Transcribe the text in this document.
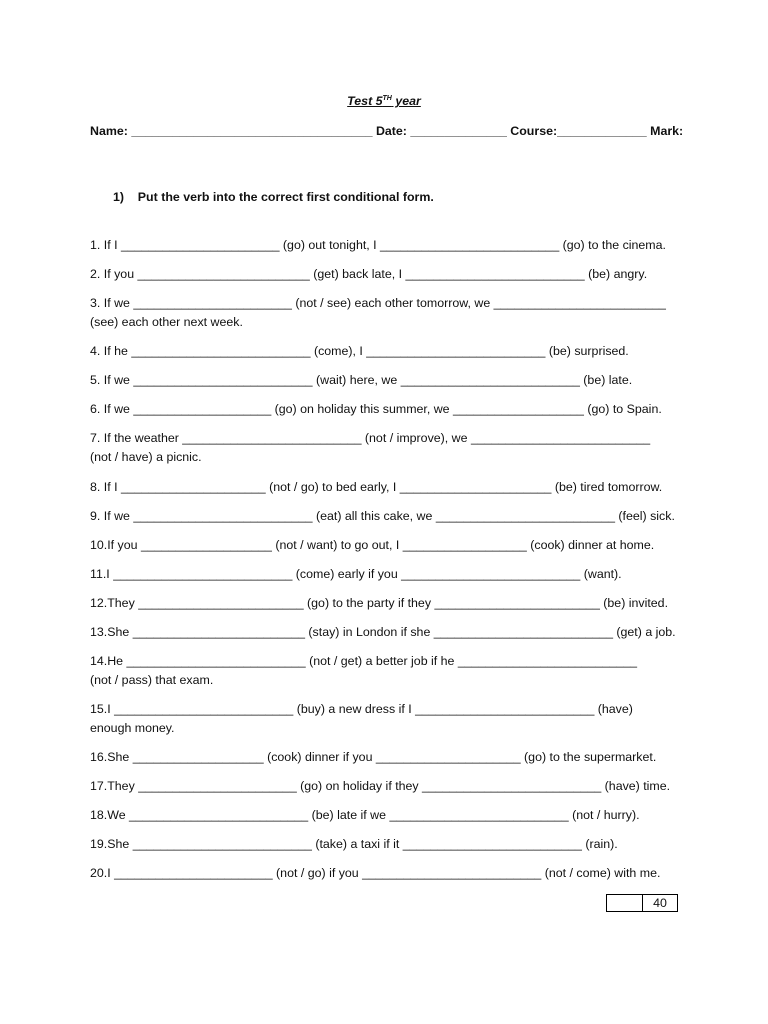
Test 5TH year
Name: ___________________________________ Date: ______________ Course:_____________ Mark:
1)    Put the verb into the correct first conditional form.
1. If I _______________________ (go) out tonight, I __________________________ (go) to the cinema.
2. If you _________________________ (get) back late, I __________________________ (be) angry.
3. If we _______________________ (not / see) each other tomorrow, we _________________________
(see) each other next week.
4. If he __________________________ (come), I __________________________ (be) surprised.
5. If we __________________________ (wait) here, we __________________________ (be) late.
6. If we ____________________ (go) on holiday this summer, we ___________________ (go) to Spain.
7. If the weather __________________________ (not / improve), we __________________________
(not / have) a picnic.
8. If I _____________________ (not / go) to bed early, I ______________________ (be) tired tomorrow.
9. If we __________________________ (eat) all this cake, we __________________________ (feel) sick.
10.If you ___________________ (not / want) to go out, I __________________ (cook) dinner at home.
11.I __________________________ (come) early if you __________________________ (want).
12.They ________________________ (go) to the party if they ________________________ (be) invited.
13.She _________________________ (stay) in London if she __________________________ (get) a job.
14.He __________________________ (not / get) a better job if he __________________________
(not / pass) that exam.
15.I __________________________ (buy) a new dress if I __________________________ (have)
enough money.
16.She ___________________ (cook) dinner if you _____________________ (go) to the supermarket.
17.They _______________________ (go) on holiday if they __________________________ (have) time.
18.We __________________________ (be) late if we __________________________ (not / hurry).
19.She __________________________ (take) a taxi if it __________________________ (rain).
20.I _______________________ (not / go) if you __________________________ (not / come) with me.
40
